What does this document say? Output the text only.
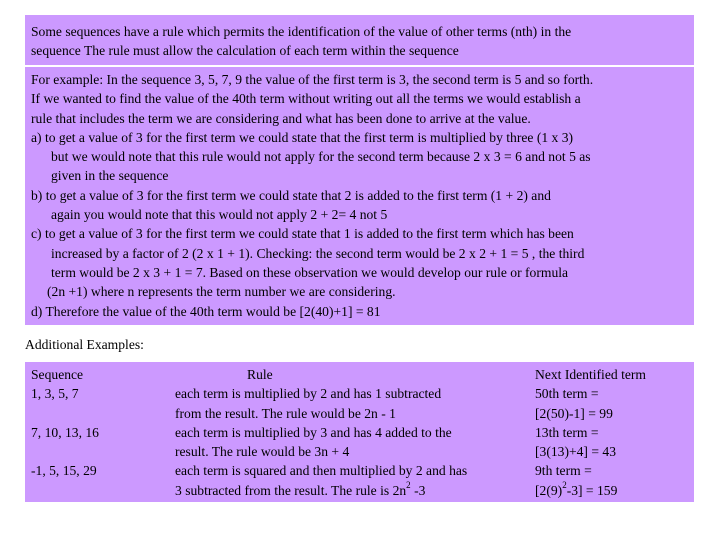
Some sequences have a rule which permits the identification of the value of other terms (nth) in the
sequence The rule must allow the calculation of each term within the sequence
For example: In the sequence 3, 5, 7, 9 the value of the first term is 3, the second term is 5 and so forth.
If we wanted to find the value of the 40th term without writing out all the terms we would establish a
rule that includes the term we are considering and what has been done to arrive at the value.
a) to get a value of 3 for the first term we could state that the first term is multiplied by three (1 x 3)
but we would note that this rule would not apply for the second term because 2 x 3 = 6 and not 5 as
given in the sequence
b) to get a value of 3 for the first term we could state that 2 is added to the first term (1 + 2) and
again you would note that this would not apply 2 + 2= 4 not 5
c) to get a value of 3 for the first term we could state that 1 is added to the first term which has been
increased by a factor of 2 (2 x 1 + 1). Checking: the second term would be 2 x 2 + 1 = 5 , the third
term would be 2 x 3 + 1 = 7. Based on these observation we would develop our rule or formula
(2n +1) where n represents the term number we are considering.
d) Therefore the value of the 40th term would be [2(40)+1] = 81
Additional Examples:
Sequence
1, 3, 5, 7
7, 10, 13, 16
-1, 5, 15, 29
Rule
each term is multiplied by 2 and has 1 subtracted
from the result. The rule would be 2n - 1
each term is multiplied by 3 and has 4 added to the
result. The rule would be 3n + 4
each term is squared and then multiplied by 2 and has
3 subtracted from the result. The rule is $2n^2$ -3
Next Identified term
50th term =
[2(50)-1] = 99
13th term =
[3(13)+4] = 43
9th term =
$[2(9)^2-3] = 159$
